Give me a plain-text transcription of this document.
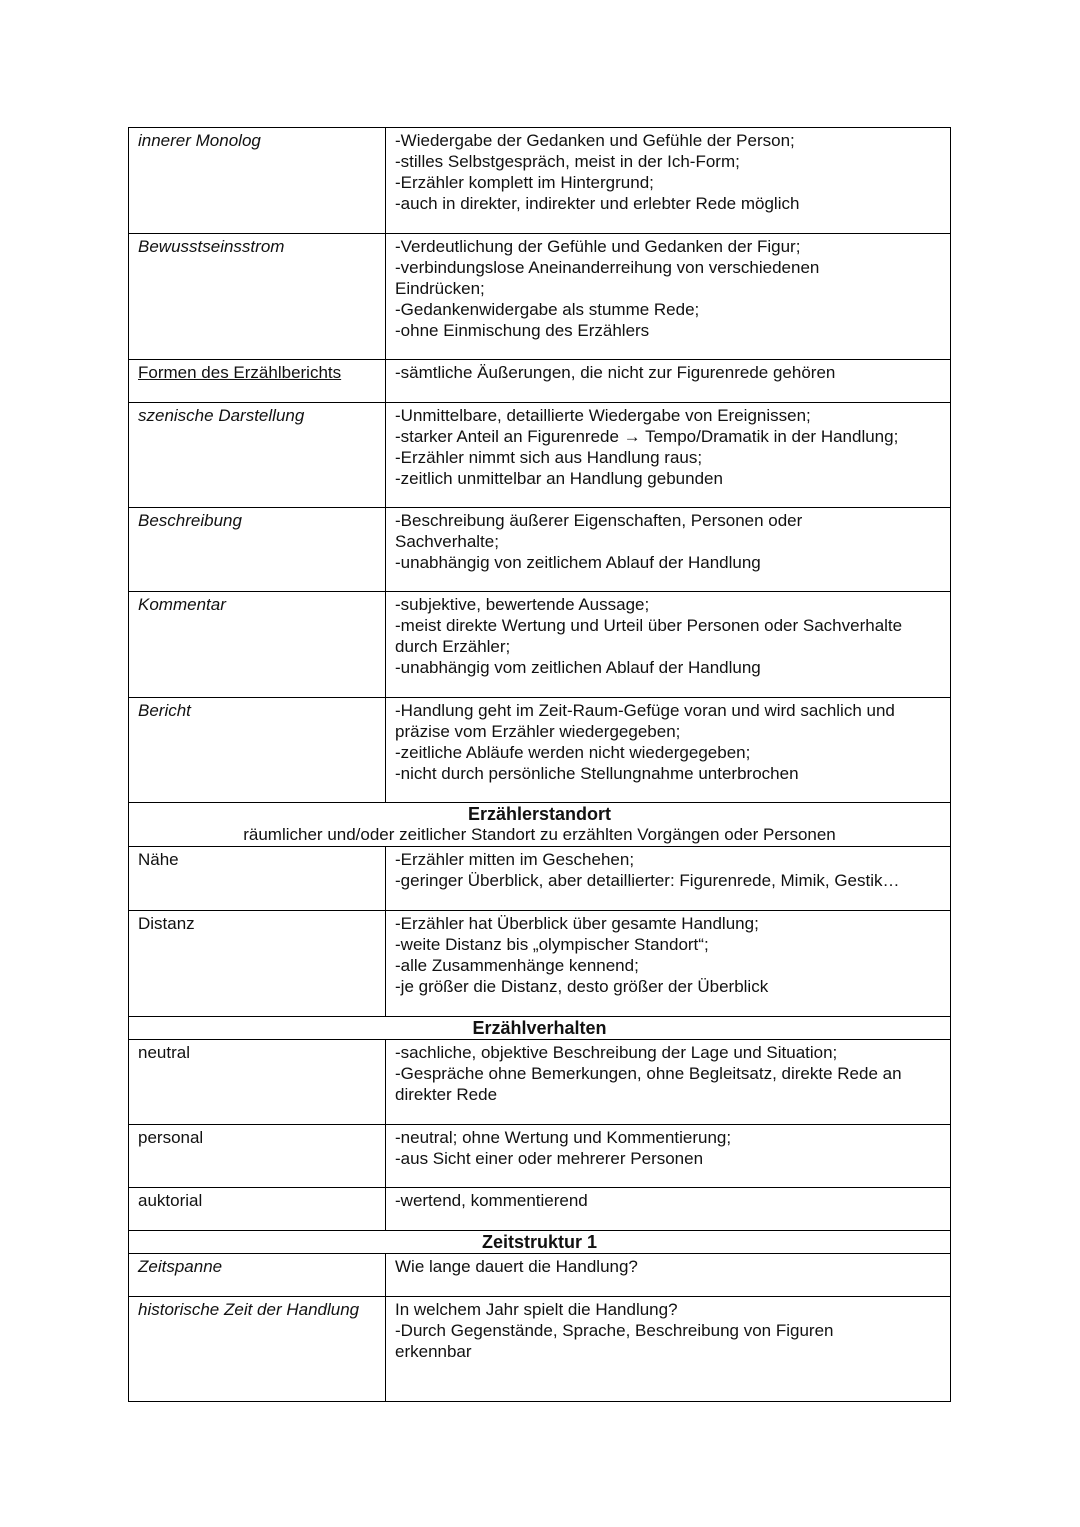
innerer Monolog	-Wiedergabe der Gedanken und Gefühle der Person;
-stilles Selbstgespräch, meist in der Ich-Form;
-Erzähler komplett im Hintergrund;
-auch in direkter, indirekter und erlebter Rede möglich

Bewusstseinsstrom	-Verdeutlichung der Gefühle und Gedanken der Figur;
-verbindungslose Aneinanderreihung von verschiedenen
Eindrücken;
-Gedankenwidergabe als stumme Rede;
-ohne Einmischung des Erzählers

Formen des Erzählberichts	-sämtliche Äußerungen, die nicht zur Figurenrede gehören

szenische Darstellung	-Unmittelbare, detaillierte Wiedergabe von Ereignissen;
-starker Anteil an Figurenrede → Tempo/Dramatik in der Handlung;
-Erzähler nimmt sich aus Handlung raus;
-zeitlich unmittelbar an Handlung gebunden

Beschreibung	-Beschreibung äußerer Eigenschaften, Personen oder
Sachverhalte;
-unabhängig von zeitlichem Ablauf der Handlung

Kommentar	-subjektive, bewertende Aussage;
-meist direkte Wertung und Urteil über Personen oder Sachverhalte
durch Erzähler;
-unabhängig vom zeitlichen Ablauf der Handlung

Bericht	-Handlung geht im Zeit-Raum-Gefüge voran und wird sachlich und
präzise vom Erzähler wiedergegeben;
-zeitliche Abläufe werden nicht wiedergegeben;
-nicht durch persönliche Stellungnahme unterbrochen

Erzählerstandort
räumlicher und/oder zeitlicher Standort zu erzählten Vorgängen oder Personen	

Nähe	-Erzähler mitten im Geschehen;
-geringer Überblick, aber detaillierter: Figurenrede, Mimik, Gestik…

Distanz	-Erzähler hat Überblick über gesamte Handlung;
-weite Distanz bis „olympischer Standort“;
-alle Zusammenhänge kennend;
-je größer die Distanz, desto größer der Überblick

Erzählverhalten	

neutral	-sachliche, objektive Beschreibung der Lage und Situation;
-Gespräche ohne Bemerkungen, ohne Begleitsatz, direkte Rede an
direkter Rede

personal	-neutral; ohne Wertung und Kommentierung;
-aus Sicht einer oder mehrerer Personen

auktorial	-wertend, kommentierend

Zeitstruktur 1	

Zeitspanne	Wie lange dauert die Handlung?

historische Zeit der Handlung	In welchem Jahr spielt die Handlung?
-Durch Gegenstände, Sprache, Beschreibung von Figuren
erkennbar
